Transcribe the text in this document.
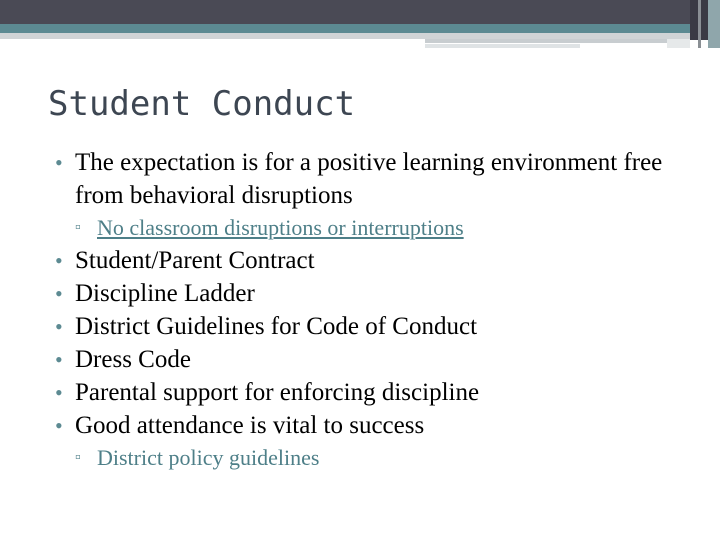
Student Conduct
• The expectation is for a positive learning environment free from behavioral disruptions
▫ No classroom disruptions or interruptions
• Student/Parent Contract
• Discipline Ladder
• District Guidelines for Code of Conduct
• Dress Code
• Parental support for enforcing discipline
• Good attendance is vital to success
▫ District policy guidelines
